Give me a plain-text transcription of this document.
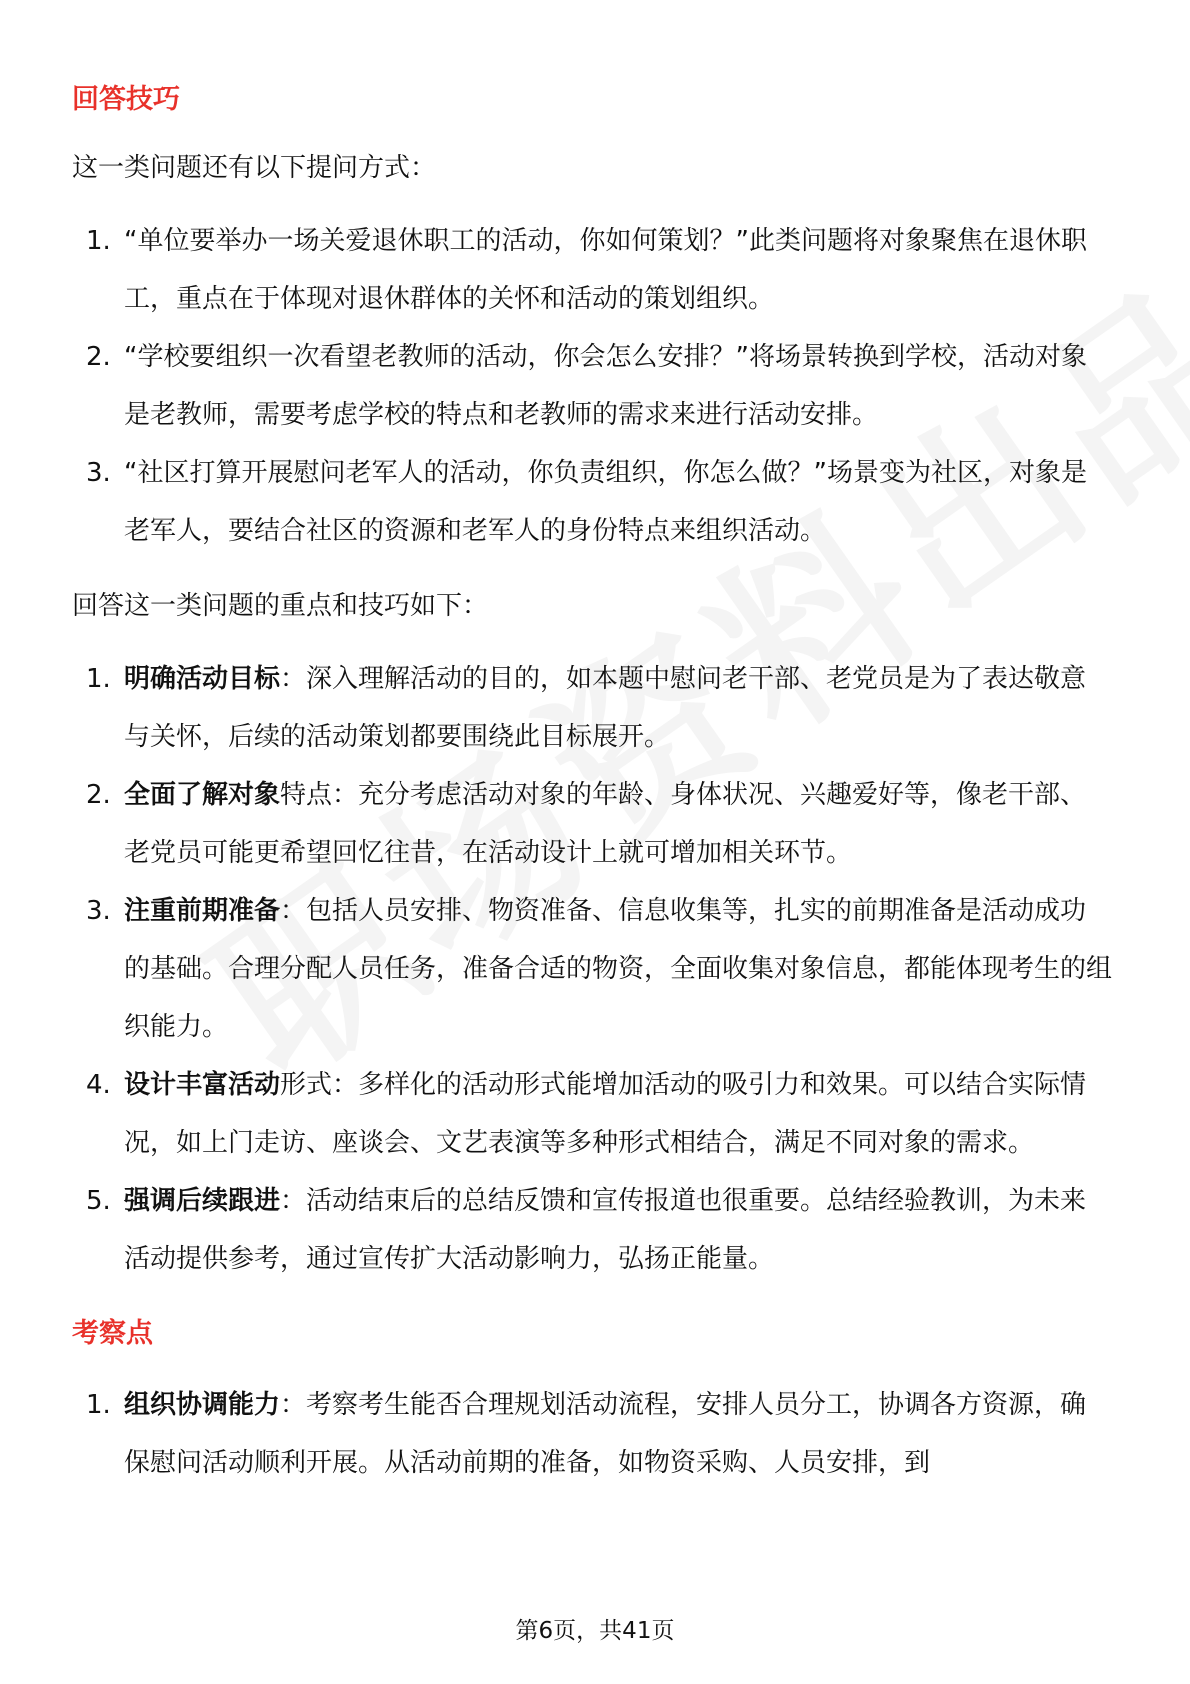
回答技巧

这一类问题还有以下提问方式：

1. “单位要举办一场关爱退休职工的活动，你如何策划？”此类问题将对象聚焦在退休职工，重点在于体现对退休群体的关怀和活动的策划组织。
2. “学校要组织一次看望老教师的活动，你会怎么安排？”将场景转换到学校，活动对象是老教师，需要考虑学校的特点和老教师的需求来进行活动安排。
3. “社区打算开展慰问老军人的活动，你负责组织，你怎么做？”场景变为社区，对象是老军人，要结合社区的资源和老军人的身份特点来组织活动。

回答这一类问题的重点和技巧如下：

1. 明确活动目标：深入理解活动的目的，如本题中慰问老干部、老党员是为了表达敬意与关怀，后续的活动策划都要围绕此目标展开。
2. 全面了解对象特点：充分考虑活动对象的年龄、身体状况、兴趣爱好等，像老干部、老党员可能更希望回忆往昔，在活动设计上就可增加相关环节。
3. 注重前期准备：包括人员安排、物资准备、信息收集等，扎实的前期准备是活动成功的基础。合理分配人员任务，准备合适的物资，全面收集对象信息，都能体现考生的组织能力。
4. 设计丰富活动形式：多样化的活动形式能增加活动的吸引力和效果。可以结合实际情况，如上门走访、座谈会、文艺表演等多种形式相结合，满足不同对象的需求。
5. 强调后续跟进：活动结束后的总结反馈和宣传报道也很重要。总结经验教训，为未来活动提供参考，通过宣传扩大活动影响力，弘扬正能量。
考察点
1. 组织协调能力：考察考生能否合理规划活动流程，安排人员分工，协调各方资源，确保慰问活动顺利开展。从活动前期的准备，如物资采购、人员安排，到
第6页，共41页
